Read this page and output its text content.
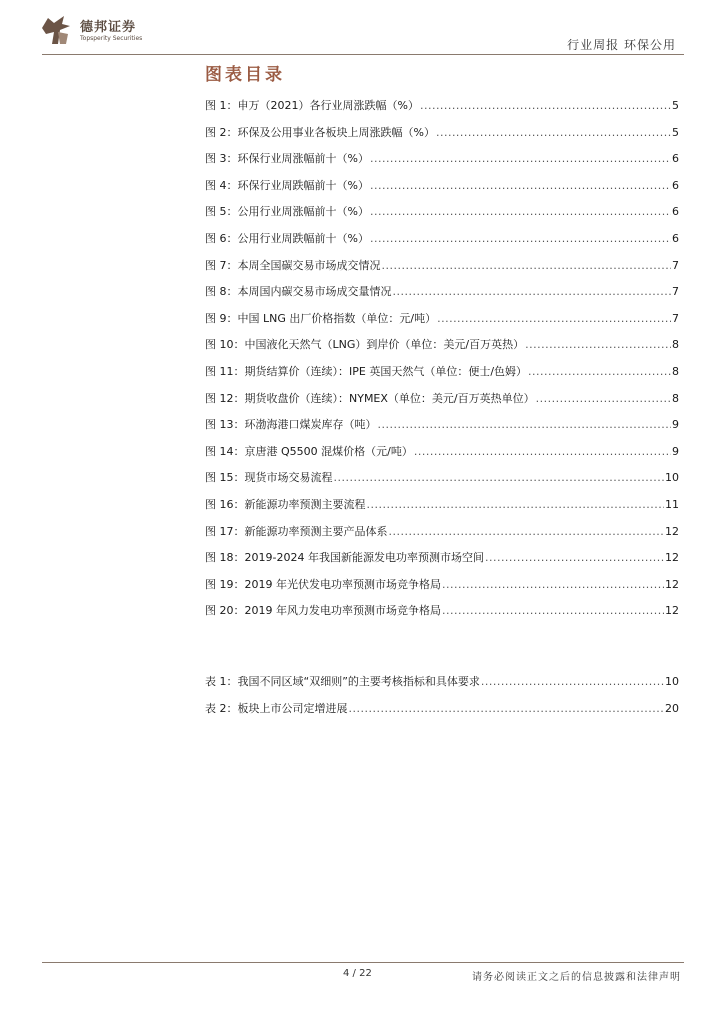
德邦证券
Topsperity Securities	行业周报 环保公用
图表目录
图 1：申万（2021）各行业周涨跌幅（%） .....	5
图 2：环保及公用事业各板块上周涨跌幅（%） .....	5
图 3：环保行业周涨幅前十（%） .....	6
图 4：环保行业周跌幅前十（%） .....	6
图 5：公用行业周涨幅前十（%） .....	6
图 6：公用行业周跌幅前十（%） .....	6
图 7：本周全国碳交易市场成交情况 .....	7
图 8：本周国内碳交易市场成交量情况 .....	7
图 9：中国 LNG 出厂价格指数（单位：元/吨） .....	7
图 10：中国液化天然气（LNG）到岸价（单位：美元/百万英热） .....	8
图 11：期货结算价（连续）：IPE 英国天然气（单位：便士/色姆） .....	8
图 12：期货收盘价（连续）：NYMEX（单位：美元/百万英热单位） .....	8
图 13：环渤海港口煤炭库存（吨） .....	9
图 14：京唐港 Q5500 混煤价格（元/吨） .....	9
图 15：现货市场交易流程 .....	10
图 16：新能源功率预测主要流程 .....	11
图 17：新能源功率预测主要产品体系 .....	12
图 18：2019-2024 年我国新能源发电功率预测市场空间 .....	12
图 19：2019 年光伏发电功率预测市场竞争格局 .....	12
图 20：2019 年风力发电功率预测市场竞争格局 .....	12
表 1：我国不同区域“双细则”的主要考核指标和具体要求 .....	10
表 2：板块上市公司定增进展 .....	20
4 / 22	请务必阅读正文之后的信息披露和法律声明
